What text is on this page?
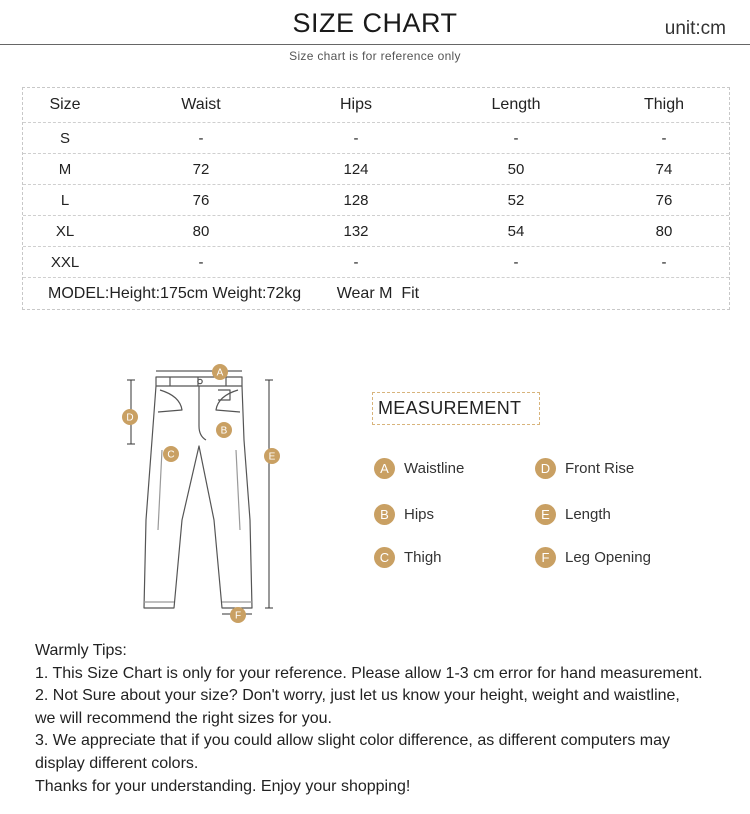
SIZE CHART	unit:cm
Size chart is for reference only
Size	Waist	Hips	Length	Thigh
S	-	-	-	-
M	72	124	50	74
L	76	128	52	76
XL	80	132	54	80
XXL	-	-	-	-
MODEL:Height:175cm Weight:72kg
Wear M  Fit
A
B
C
D
E
F
MEASUREMENT
A	Waistline
B	Hips
C Thigh
D Front Rise
E	Length
F	Leg Opening
Warmly Tips:
1. This Size Chart is only for your reference. Please allow 1-3 cm error for hand measurement.
2. Not Sure about your size? Don't worry, just let us know your height, weight and waistline,
we will recommend the right sizes for you.
3. We appreciate that if you could allow slight color difference, as different computers may
display different colors.
Thanks for your understanding. Enjoy your shopping!
